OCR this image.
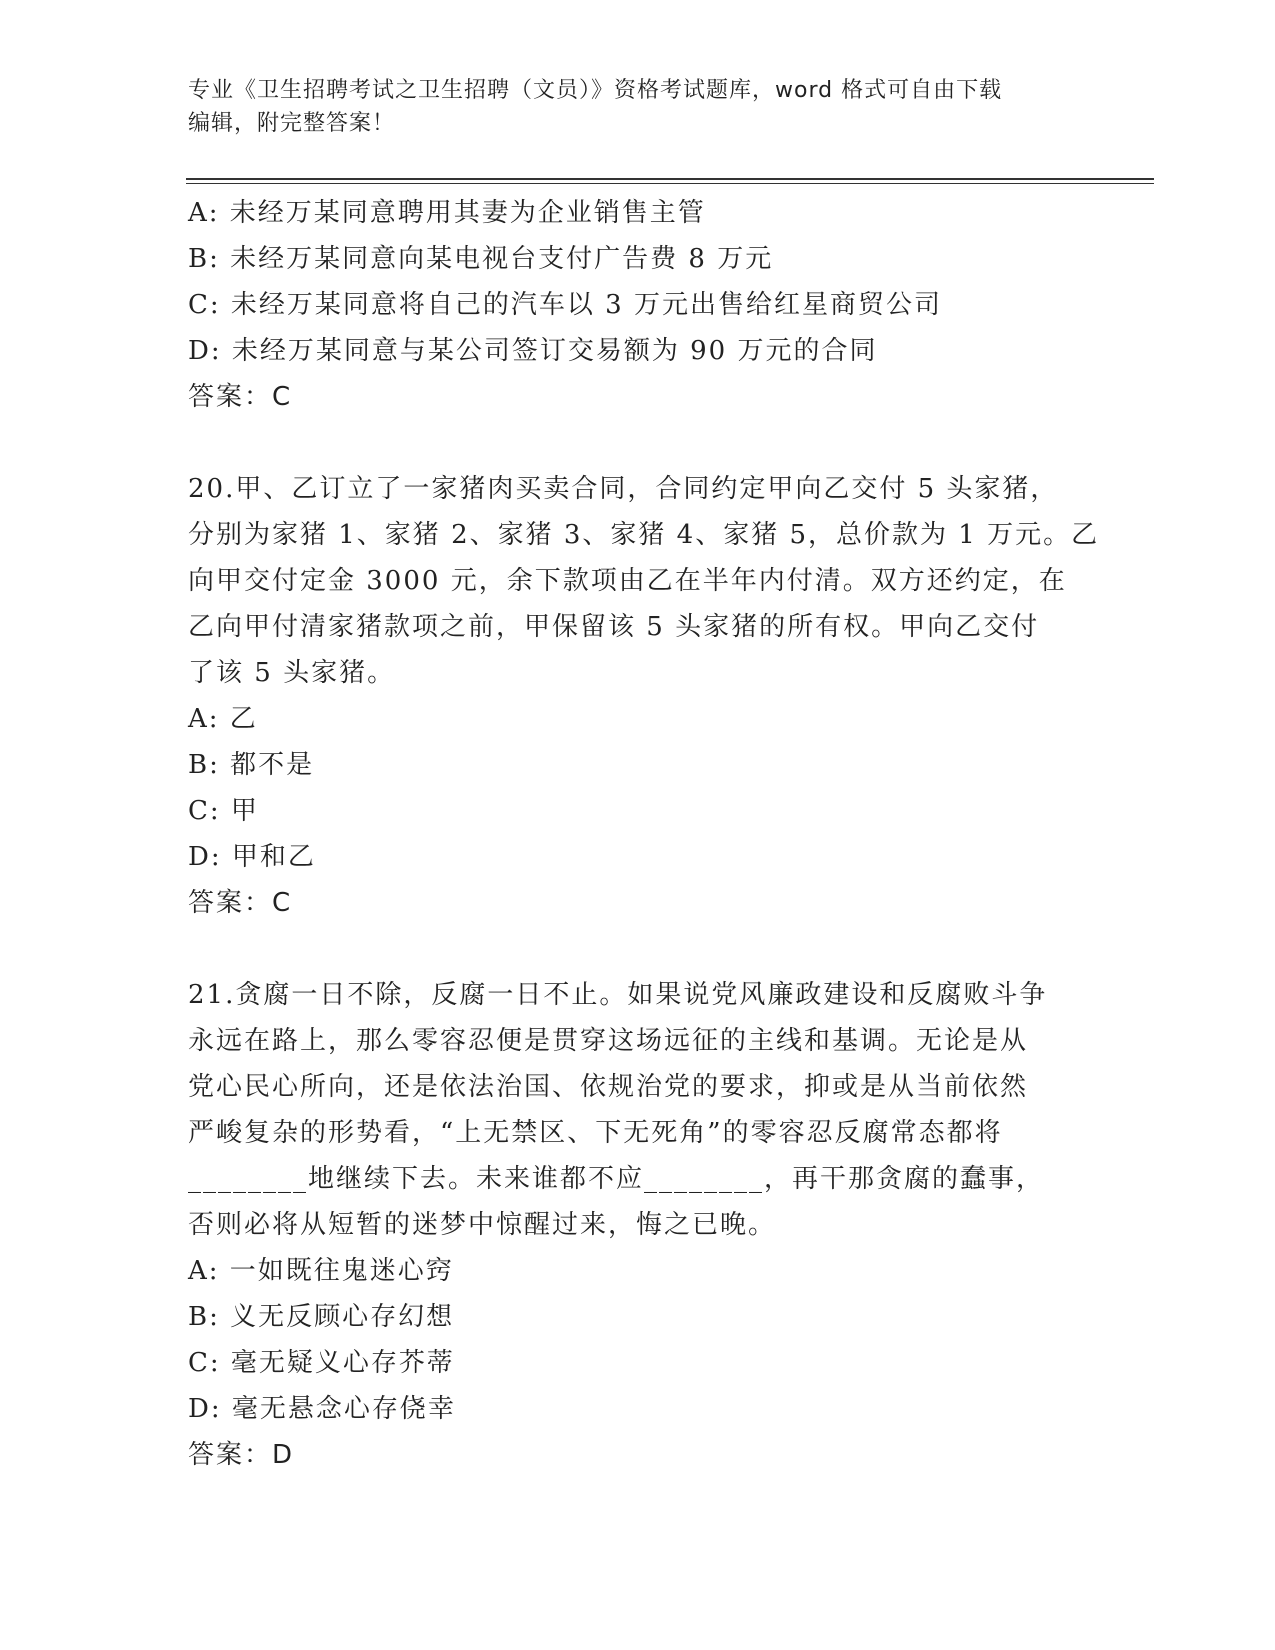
专业《卫生招聘考试之卫生招聘（文员）》资格考试题库，word 格式可自由下载
编辑，附完整答案！
A: 未经万某同意聘用其妻为企业销售主管
B: 未经万某同意向某电视台支付广告费 8 万元
C: 未经万某同意将自己的汽车以 3 万元出售给红星商贸公司
D: 未经万某同意与某公司签订交易额为 90 万元的合同
答案：C
20.甲、乙订立了一家猪肉买卖合同，合同约定甲向乙交付 5 头家猪，
分别为家猪 1、家猪 2、家猪 3、家猪 4、家猪 5，总价款为 1 万元。乙
向甲交付定金 3000 元，余下款项由乙在半年内付清。双方还约定，在
乙向甲付清家猪款项之前，甲保留该 5 头家猪的所有权。甲向乙交付
了该 5 头家猪。
A: 乙
B: 都不是
C: 甲
D: 甲和乙
答案：C
21.贪腐一日不除，反腐一日不止。如果说党风廉政建设和反腐败斗争
永远在路上，那么零容忍便是贯穿这场远征的主线和基调。无论是从
党心民心所向，还是依法治国、依规治党的要求，抑或是从当前依然
严峻复杂的形势看，“上无禁区、下无死角”的零容忍反腐常态都将
________地继续下去。未来谁都不应________，再干那贪腐的蠢事，
否则必将从短暂的迷梦中惊醒过来，悔之已晚。
A: 一如既往鬼迷心窍
B: 义无反顾心存幻想
C: 毫无疑义心存芥蒂
D: 毫无悬念心存侥幸
答案：D
